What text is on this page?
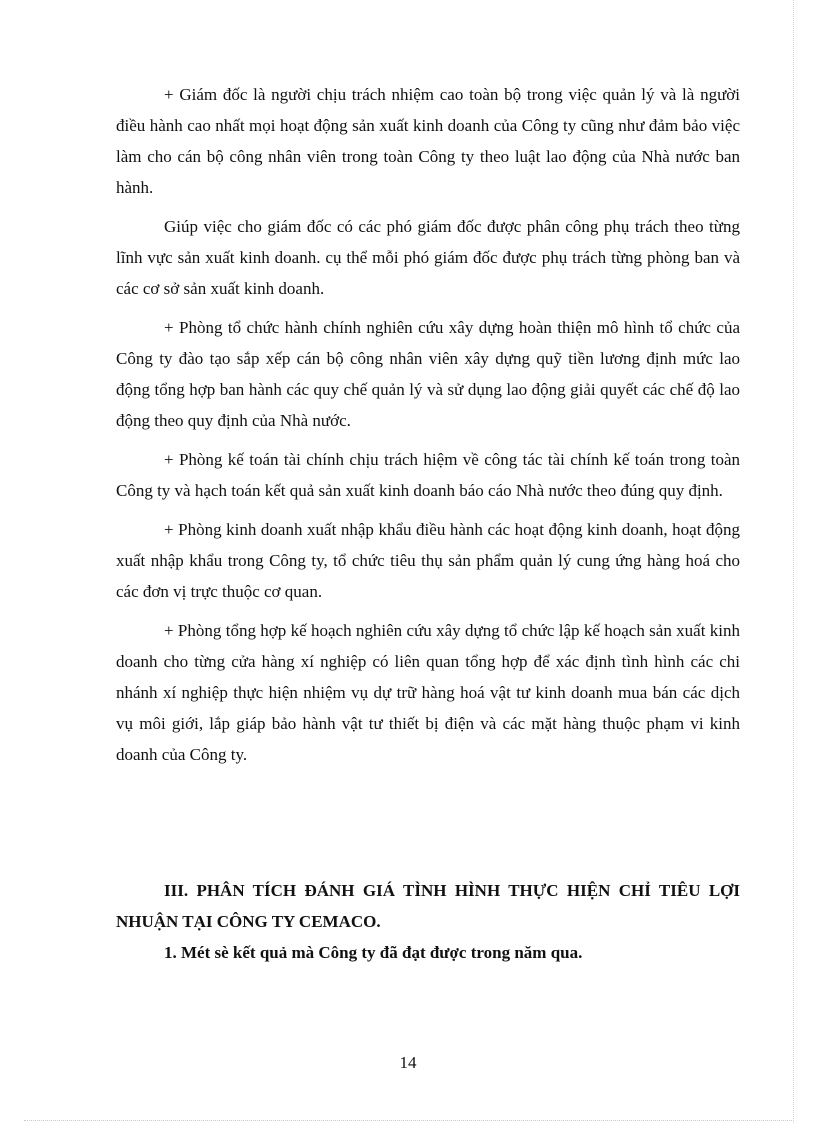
+ Giám đốc là người chịu trách nhiệm cao toàn bộ trong việc quản lý và là người điều hành cao nhất mọi hoạt động sản xuất kinh doanh của Công ty cũng như đảm bảo việc làm cho cán bộ công nhân viên trong toàn Công ty theo luật lao động của Nhà nước ban hành.

Giúp việc cho giám đốc có các phó giám đốc được phân công phụ trách theo từng lĩnh vực sản xuất kinh doanh. cụ thể mỗi phó giám đốc được phụ trách từng phòng ban và các cơ sở sản xuất kinh doanh.

+ Phòng tổ chức hành chính nghiên cứu xây dựng hoàn thiện mô hình tổ chức của Công ty đào tạo sắp xếp cán bộ công nhân viên xây dựng quỹ tiền lương định mức lao động tổng hợp ban hành các quy chế quản lý và sử dụng lao động giải quyết các chế độ lao động theo quy định của Nhà nước.

+ Phòng kế toán tài chính chịu trách hiệm về công tác tài chính kế toán trong toàn Công ty và hạch toán kết quả sản xuất kinh doanh báo cáo Nhà nước theo đúng quy định.

+ Phòng kinh doanh xuất nhập khẩu điều hành các hoạt động kinh doanh, hoạt động xuất nhập khẩu trong Công ty, tổ chức tiêu thụ sản phẩm quản lý cung ứng hàng hoá cho các đơn vị trực thuộc cơ quan.

+ Phòng tổng hợp kế hoạch nghiên cứu xây dựng tổ chức lập kế hoạch sản xuất kinh doanh cho từng cửa hàng xí nghiệp có liên quan tổng hợp để xác định tình hình các chi nhánh xí nghiệp thực hiện nhiệm vụ dự trữ hàng hoá vật tư kinh doanh mua bán các dịch vụ môi giới, lắp giáp bảo hành vật tư thiết bị điện và các mặt hàng thuộc phạm vi kinh doanh của Công ty.

III. PHÂN TÍCH ĐÁNH GIÁ TÌNH HÌNH THỰC HIỆN CHỈ TIÊU LỢI NHUẬN TẠI CÔNG TY CEMACO.

1. Mét sè kết quả mà Công ty đã đạt được trong năm qua.

14
